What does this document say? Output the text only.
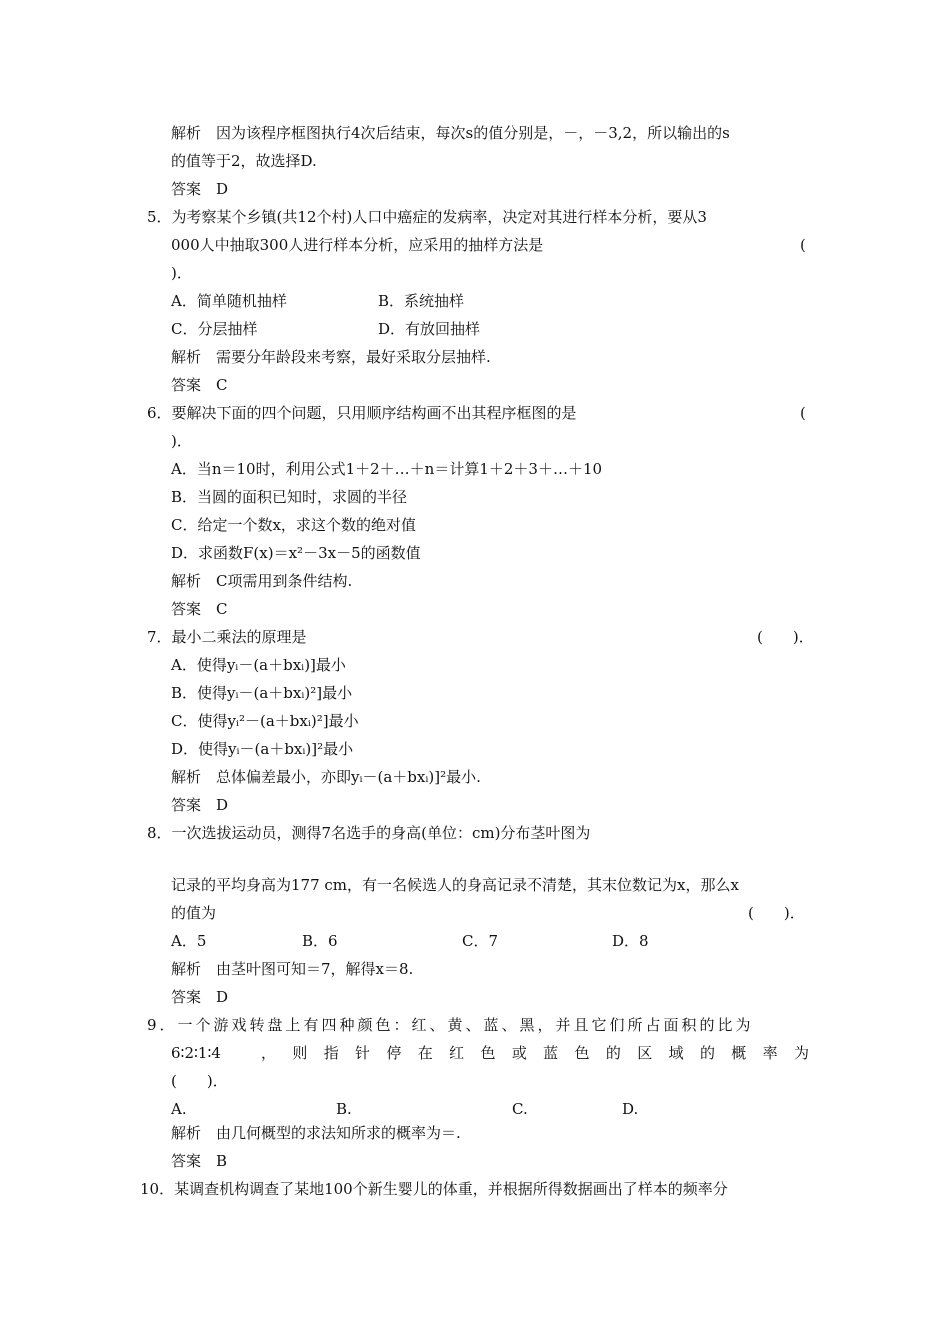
解析　因为该程序框图执行4次后结束，每次s的值分别是，－，－3,2，所以输出的s
的值等于2，故选择D.
答案　D
5．为考察某个乡镇(共12个村)人口中癌症的发病率，决定对其进行样本分析，要从3
000人中抽取300人进行样本分析，应采用的抽样方法是	(
)．
A．简单随机抽样	B．系统抽样
C．分层抽样	D．有放回抽样
解析　需要分年龄段来考察，最好采取分层抽样.
答案　C
6．要解决下面的四个问题，只用顺序结构画不出其程序框图的是	(
)．
A．当n＝10时，利用公式1＋2＋…＋n＝计算1＋2＋3＋…＋10
B．当圆的面积已知时，求圆的半径
C．给定一个数x，求这个数的绝对值
D．求函数F(x)＝x²－3x－5的函数值
解析　C项需用到条件结构.
答案　C
7．最小二乘法的原理是	(　　)．
A．使得yᵢ－(a＋bxᵢ)]最小
B．使得yᵢ－(a＋bxᵢ)²]最小
C．使得yᵢ²－(a＋bxᵢ)²]最小
D．使得yᵢ－(a＋bxᵢ)]²最小
解析　总体偏差最小，亦即yᵢ－(a＋bxᵢ)]²最小.
答案　D
8．一次选拔运动员，测得7名选手的身高(单位：cm)分布茎叶图为
记录的平均身高为177 cm，有一名候选人的身高记录不清楚，其末位数记为x，那么x
的值为	(　　)．
A．5	B．6	C．7	D．8
解析　由茎叶图可知＝7，解得x＝8.
答案　D
9．一个游戏转盘上有四种颜色：红、黄、蓝、黑，并且它们所占面积的比为
6∶2∶1∶4	， 则 指 针 停 在 红 色 或 蓝 色 的 区 域 的 概 率 为
(　　)．
A.	B.	C.	D.
解析　由几何概型的求法知所求的概率为＝.
答案　B
10．某调查机构调查了某地100个新生婴儿的体重，并根据所得数据画出了样本的频率分
